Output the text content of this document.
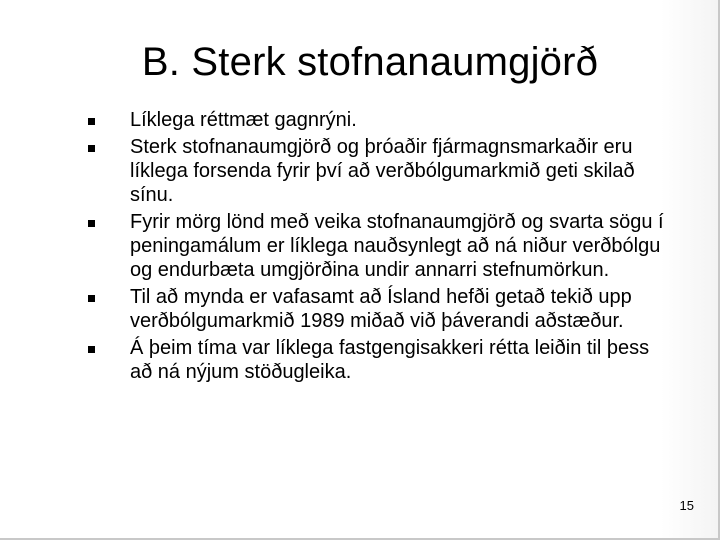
B. Sterk stofnanaumgjörð
Líklega réttmæt gagnrýni.
Sterk stofnanaumgjörð og þróaðir fjármagnsmarkaðir eru líklega forsenda fyrir því að verðbólgumarkmið geti skilað sínu.
Fyrir mörg lönd með veika stofnanaumgjörð og svarta sögu í peningamálum er líklega nauðsynlegt að ná niður verðbólgu og endurbæta umgjörðina undir annarri stefnumörkun.
Til að mynda er vafasamt að Ísland hefði getað tekið upp verðbólgumarkmið 1989 miðað við þáverandi aðstæður.
Á þeim tíma var líklega fastgengisakkeri rétta leiðin til þess að ná nýjum stöðugleika.
15
